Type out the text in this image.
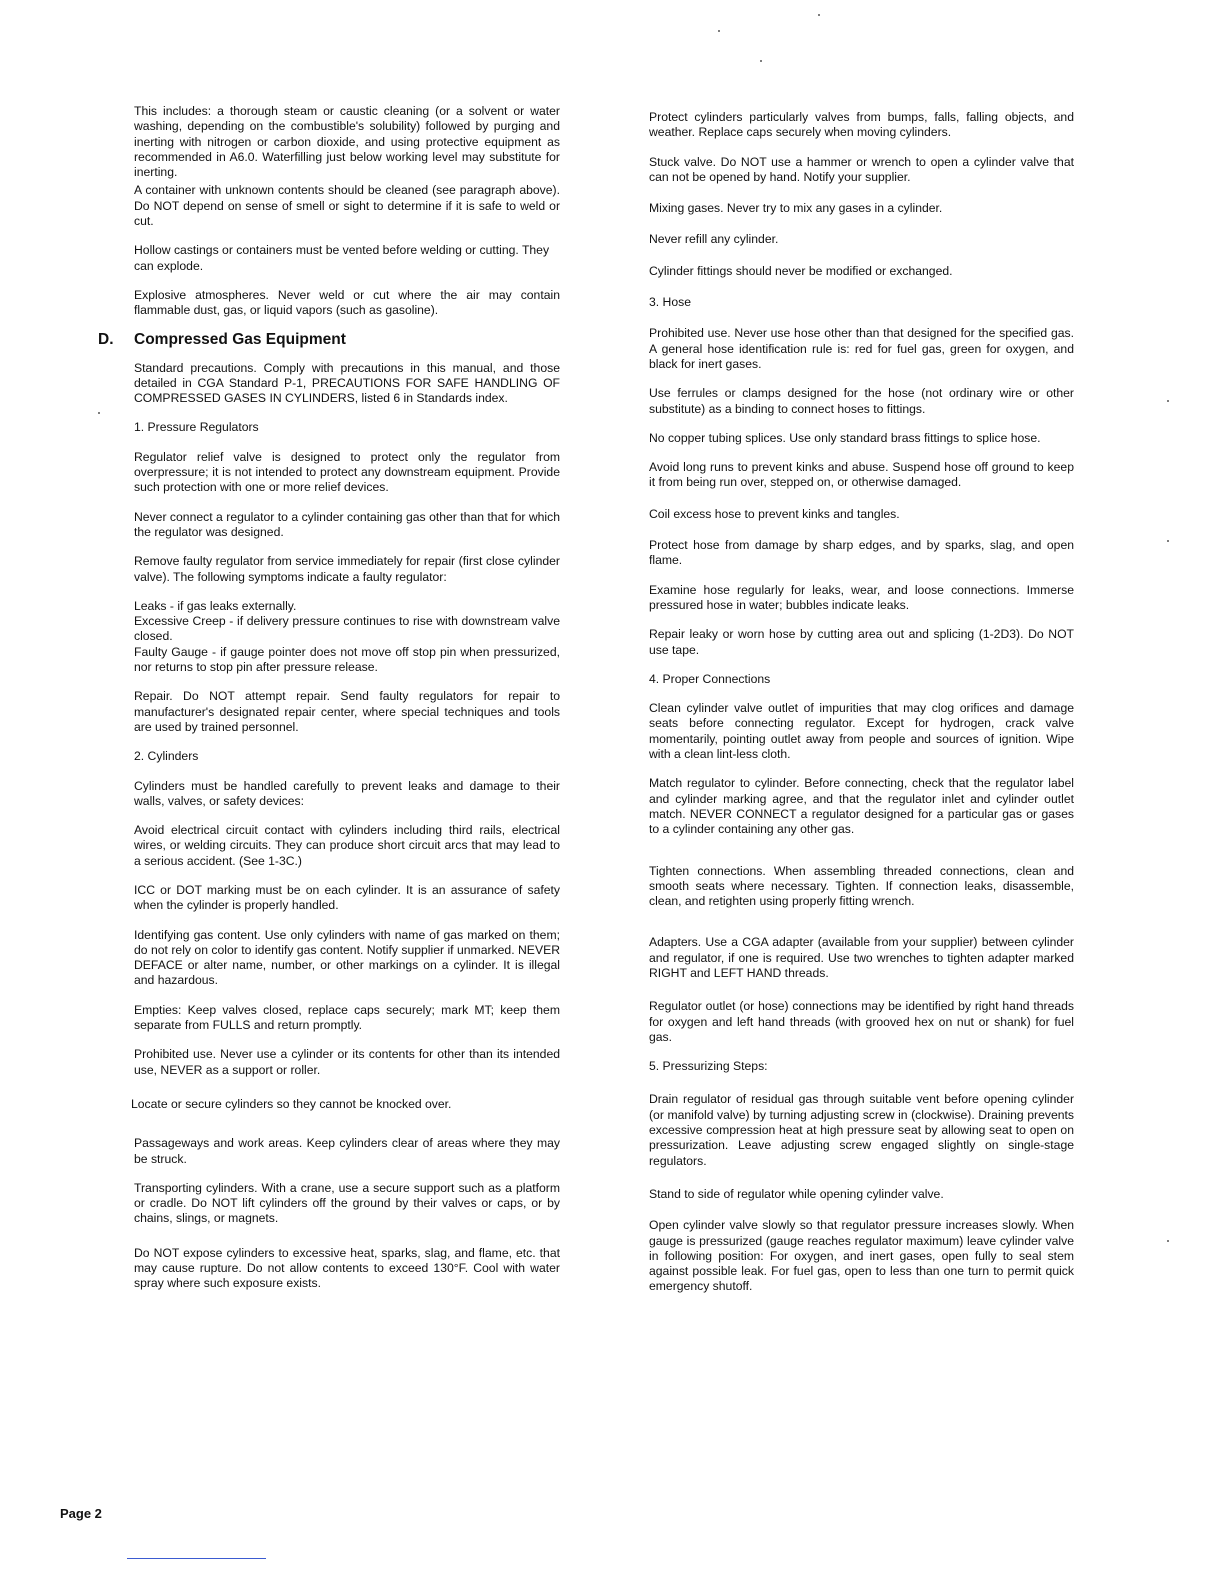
This includes: a thorough steam or caustic cleaning (or a solvent or water washing, depending on the combustible's solubility) followed by purging and inerting with nitrogen or carbon dioxide, and using protective equipment as recommended in A6.0. Waterfilling just below working level may substitute for inerting.

A container with unknown contents should be cleaned (see paragraph above). Do NOT depend on sense of smell or sight to determine if it is safe to weld or cut.

Hollow castings or containers must be vented before welding or cutting. They can explode.

Explosive atmospheres. Never weld or cut where the air may contain flammable dust, gas, or liquid vapors (such as gasoline).

D. Compressed Gas Equipment

Standard precautions. Comply with precautions in this manual, and those detailed in CGA Standard P-1, PRECAUTIONS FOR SAFE HANDLING OF COMPRESSED GASES IN CYLINDERS, listed 6 in Standards index.

1. Pressure Regulators

Regulator relief valve is designed to protect only the regulator from overpressure; it is not intended to protect any downstream equipment. Provide such protection with one or more relief devices.

Never connect a regulator to a cylinder containing gas other than that for which the regulator was designed.

Remove faulty regulator from service immediately for repair (first close cylinder valve). The following symptoms indicate a faulty regulator:

Leaks - if gas leaks externally.

Excessive Creep - if delivery pressure continues to rise with downstream valve closed.

Faulty Gauge - if gauge pointer does not move off stop pin when pressurized, nor returns to stop pin after pressure release.

Repair. Do NOT attempt repair. Send faulty regulators for repair to manufacturer's designated repair center, where special techniques and tools are used by trained personnel.

2. Cylinders

Cylinders must be handled carefully to prevent leaks and damage to their walls, valves, or safety devices:

Avoid electrical circuit contact with cylinders including third rails, electrical wires, or welding circuits. They can produce short circuit arcs that may lead to a serious accident. (See 1-3C.)

ICC or DOT marking must be on each cylinder. It is an assurance of safety when the cylinder is properly handled.

Identifying gas content. Use only cylinders with name of gas marked on them; do not rely on color to identify gas content. Notify supplier if unmarked. NEVER DEFACE or alter name, number, or other markings on a cylinder. It is illegal and hazardous.

Empties: Keep valves closed, replace caps securely; mark MT; keep them separate from FULLS and return promptly.

Prohibited use. Never use a cylinder or its contents for other than its intended use, NEVER as a support or roller.

Locate or secure cylinders so they cannot be knocked over.

Passageways and work areas. Keep cylinders clear of areas where they may be struck.

Transporting cylinders. With a crane, use a secure support such as a platform or cradle. Do NOT lift cylinders off the ground by their valves or caps, or by chains, slings, or magnets.

Do NOT expose cylinders to excessive heat, sparks, slag, and flame, etc. that may cause rupture. Do not allow contents to exceed 130°F. Cool with water spray where such exposure exists.

Protect cylinders particularly valves from bumps, falls, falling objects, and weather. Replace caps securely when moving cylinders.

Stuck valve. Do NOT use a hammer or wrench to open a cylinder valve that can not be opened by hand. Notify your supplier.

Mixing gases. Never try to mix any gases in a cylinder.

Never refill any cylinder.

Cylinder fittings should never be modified or exchanged.

3. Hose

Prohibited use. Never use hose other than that designed for the specified gas. A general hose identification rule is: red for fuel gas, green for oxygen, and black for inert gases.

Use ferrules or clamps designed for the hose (not ordinary wire or other substitute) as a binding to connect hoses to fittings.

No copper tubing splices. Use only standard brass fittings to splice hose.

Avoid long runs to prevent kinks and abuse. Suspend hose off ground to keep it from being run over, stepped on, or otherwise damaged.

Coil excess hose to prevent kinks and tangles.

Protect hose from damage by sharp edges, and by sparks, slag, and open flame.

Examine hose regularly for leaks, wear, and loose connections. Immerse pressured hose in water; bubbles indicate leaks.

Repair leaky or worn hose by cutting area out and splicing (1-2D3). Do NOT use tape.

4. Proper Connections

Clean cylinder valve outlet of impurities that may clog orifices and damage seats before connecting regulator. Except for hydrogen, crack valve momentarily, pointing outlet away from people and sources of ignition. Wipe with a clean lint-less cloth.

Match regulator to cylinder. Before connecting, check that the regulator label and cylinder marking agree, and that the regulator inlet and cylinder outlet match. NEVER CONNECT a regulator designed for a particular gas or gases to a cylinder containing any other gas.

Tighten connections. When assembling threaded connections, clean and smooth seats where necessary. Tighten. If connection leaks, disassemble, clean, and retighten using properly fitting wrench.

Adapters. Use a CGA adapter (available from your supplier) between cylinder and regulator, if one is required. Use two wrenches to tighten adapter marked RIGHT and LEFT HAND threads.

Regulator outlet (or hose) connections may be identified by right hand threads for oxygen and left hand threads (with grooved hex on nut or shank) for fuel gas.

5. Pressurizing Steps:

Drain regulator of residual gas through suitable vent before opening cylinder (or manifold valve) by turning adjusting screw in (clockwise). Draining prevents excessive compression heat at high pressure seat by allowing seat to open on pressurization. Leave adjusting screw engaged slightly on single-stage regulators.

Stand to side of regulator while opening cylinder valve.

Open cylinder valve slowly so that regulator pressure increases slowly. When gauge is pressurized (gauge reaches regulator maximum) leave cylinder valve in following position: For oxygen, and inert gases, open fully to seal stem against possible leak. For fuel gas, open to less than one turn to permit quick emergency shutoff.

Page 2
